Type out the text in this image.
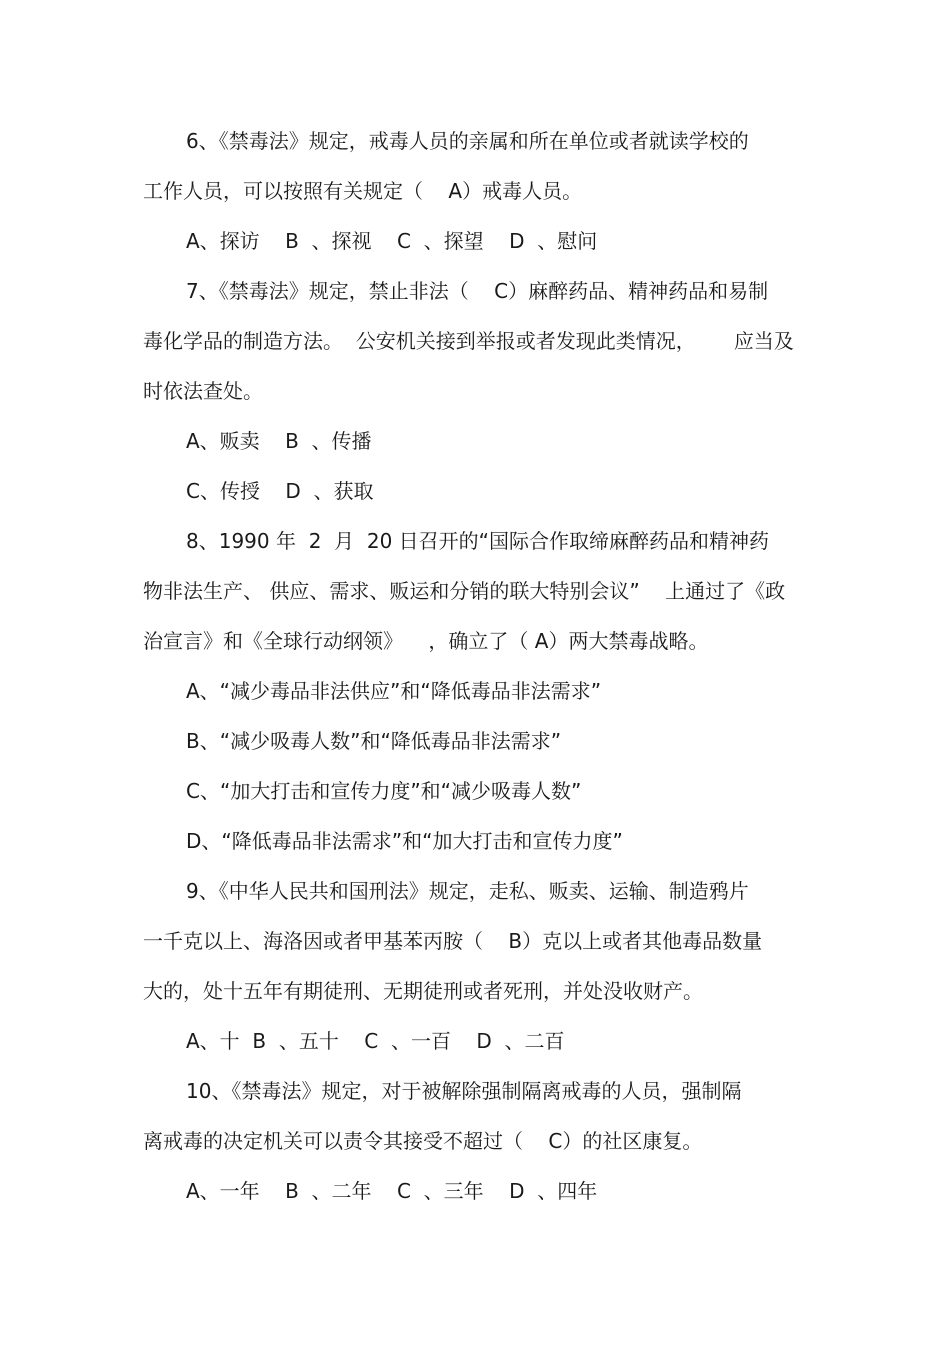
6、《禁毒法》规定，戒毒人员的亲属和所在单位或者就读学校的
工作人员，可以按照有关规定（    A）戒毒人员。
A、探访    B  、探视    C  、探望    D  、慰问
7、《禁毒法》规定，禁止非法（    C）麻醉药品、精神药品和易制
毒化学品的制造方法。  公安机关接到举报或者发现此类情况，      应当及
时依法查处。
A、贩卖    B  、传播
C、传授    D  、获取
8、1990 年  2  月  20 日召开的“国际合作取缔麻醉药品和精神药
物非法生产、 供应、需求、贩运和分销的联大特别会议”    上通过了《政
治宣言》和《全球行动纲领》    ，确立了（ A）两大禁毒战略。
A、“减少毒品非法供应”和“降低毒品非法需求”
B、“减少吸毒人数”和“降低毒品非法需求”
C、“加大打击和宣传力度”和“减少吸毒人数”
D、“降低毒品非法需求”和“加大打击和宣传力度”
9、《中华人民共和国刑法》规定，走私、贩卖、运输、制造鸦片
一千克以上、海洛因或者甲基苯丙胺（    B）克以上或者其他毒品数量
大的，处十五年有期徒刑、无期徒刑或者死刑，并处没收财产。
A、十  B  、五十    C  、一百    D  、二百
10、《禁毒法》规定，对于被解除强制隔离戒毒的人员，强制隔
离戒毒的决定机关可以责令其接受不超过（    C）的社区康复。
A、一年    B  、二年    C  、三年    D  、四年
